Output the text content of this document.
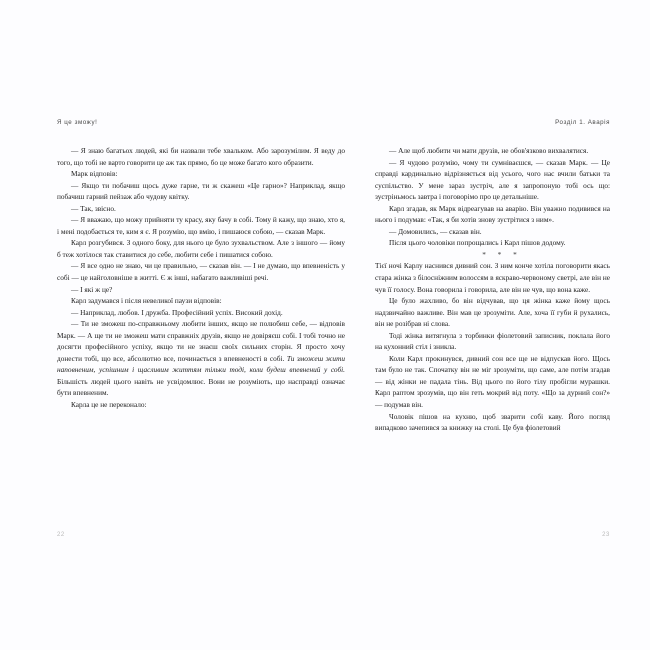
Я це зможу!

— Я знаю багатьох людей, які би назвали тебе хвальком. Або зарозумілим. Я веду до того, що тобі не варто говорити це аж так прямо, бо це може багато кого образити.

Марк відповів:

— Якщо ти побачиш щось дуже гарне, ти ж скажеш «Це гарно»? Наприклад, якщо побачиш гарний пейзаж або чудову квітку.

— Так, звісно.

— Я вважаю, що можу прийняти ту красу, яку бачу в собі. Тому й кажу, що знаю, хто я, і мені подобається те, ким я є. Я розумію, що вмію, і пишаюся собою, — сказав Марк.

Карл розгубився. З одного боку, для нього це було зухвальством. Але з іншого — йому б теж хотілося так ставитися до себе, любити себе і пишатися собою.

— Я все одно не знаю, чи це правильно, — сказав він. — І не думаю, що впевненість у собі — це найголовніше в житті. Є ж інші, набагато важливіші речі.

— І які ж це?

Карл задумався і після невеликої паузи відповів:

— Наприклад, любов. І дружба. Професійний успіх. Високий дохід.

— Ти не зможеш по-справжньому любити інших, якщо не полюбиш себе, — відповів Марк. — А ще ти не зможеш мати справжніх друзів, якщо не довіряєш собі. І тобі точно не досягти професійного успіху, якщо ти не знаєш своїх сильних сторін. Я просто хочу донести тобі, що все, абсолютно все, починається з впевненості в собі. Ти зможеш жити наповненим, успішним і щасливим життям тільки тоді, коли будеш впевнений у собі. Більшість людей цього навіть не усвідомлює. Вони не розуміють, що насправді означає бути впевненим.

Карла це не переконало:

22
Розділ 1. Аварія

— Але щоб любити чи мати друзів, не обов'язково вихвалятися.

— Я чудово розумію, чому ти сумніваєшся, — сказав Марк. — Це справді кардинально відрізняється від усього, чого нас вчили батьки та суспільство. У мене зараз зустріч, але я запропоную тобі ось що: зустріньмось завтра і поговорімо про це детальніше.

Карл згадав, як Марк відреагував на аварію. Він уважно подивився на нього і подумав: «Так, я би хотів знову зустрітися з ним».

— Домовились, — сказав він.

Після цього чоловіки попрощались і Карл пішов додому.

* * *

Тієї ночі Карлу наснився дивний сон. З ним конче хотіла поговорити якась стара жінка з білосніжним волоссям в яскраво-червоному светрі, але він не чув її голосу. Вона говорила і говорила, але він не чув, що вона каже.

Це було жахливо, бо він відчував, що ця жінка каже йому щось надзвичайно важливе. Він мав це зрозуміти. Але, хоча її губи й рухались, він не розібрав ні слова.

Тоді жінка витягнула з торбинки фіолетовий записник, поклала його на кухонний стіл і зникла.

Коли Карл прокинувся, дивний сон все ще не відпускав його. Щось там було не так. Спочатку він не міг зрозуміти, що саме, але потім згадав — від жінки не падала тінь. Від цього по його тілу пробігли мурашки. Карл раптом зрозумів, що він геть мокрий від поту. «Що за дурний сон?» — подумав він.

Чоловік пішов на кухню, щоб зварити собі каву. Його погляд випадково зачепився за книжку на столі. Це був фіолетовий

23
